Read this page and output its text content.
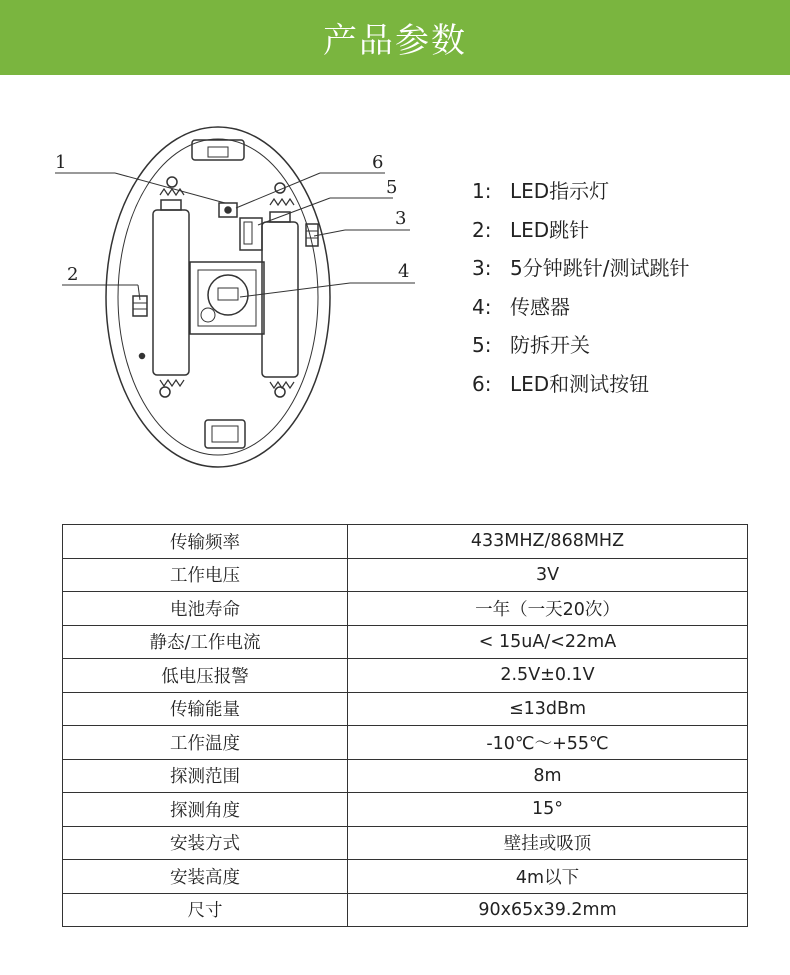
产品参数
1
2
3
4
5
6
1: LED指示灯
2: LED跳针
3: 5分钟跳针/测试跳针
4: 传感器
5: 防拆开关
6: LED和测试按钮
传输频率	433MHZ/868MHZ
工作电压	3V
电池寿命	一年（一天20次）
静态/工作电流	< 15uA/<22mA
低电压报警	2.5V±0.1V
传输能量	≤13dBm
工作温度	-10℃～+55℃
探测范围	8m
探测角度	15°
安装方式	壁挂或吸顶
安装高度	4m以下
尺寸	90x65x39.2mm
